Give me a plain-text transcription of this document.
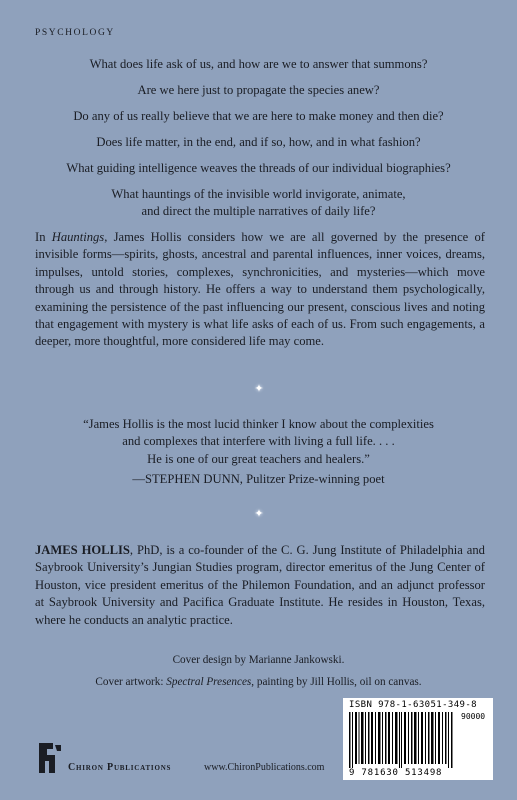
PSYCHOLOGY

What does life ask of us, and how are we to answer that summons?

Are we here just to propagate the species anew?

Do any of us really believe that we are here to make money and then die?

Does life matter, in the end, and if so, how, and in what fashion?

What guiding intelligence weaves the threads of our individual biographies?

What hauntings of the invisible world invigorate, animate,

and direct the multiple narratives of daily life?

In Hauntings, James Hollis considers how we are all governed by the presence of invisible forms—spirits, ghosts, ancestral and parental influences, inner voices, dreams, impulses, untold stories, complexes, synchronicities, and mysteries—which move through us and through history. He offers a way to understand them psychologically, examining the persistence of the past influencing our present, conscious lives and noting that engagement with mystery is what life asks of each of us. From such engagements, a deeper, more thoughtful, more considered life may come.

✦

“James Hollis is the most lucid thinker I know about the complexities

and complexes that interfere with living a full life. . . .

He is one of our great teachers and healers.”

—STEPHEN DUNN, Pulitzer Prize-winning poet
✦

JAMES HOLLIS, PhD, is a co-founder of the C. G. Jung Institute of Philadelphia and Saybrook University’s Jungian Studies program, director emeritus of the Jung Center of Houston, vice president emeritus of the Philemon Foundation, and an adjunct professor at Saybrook University and Pacifica Graduate Institute. He resides in Houston, Texas, where he conducts an analytic practice.

Cover design by Marianne Jankowski.
Cover artwork: Spectral Presences, painting by Jill Hollis, oil on canvas.
ISBN 978-1-63051-349-8
90000
9 781630 513498
Chiron Publications	www.ChironPublications.com
